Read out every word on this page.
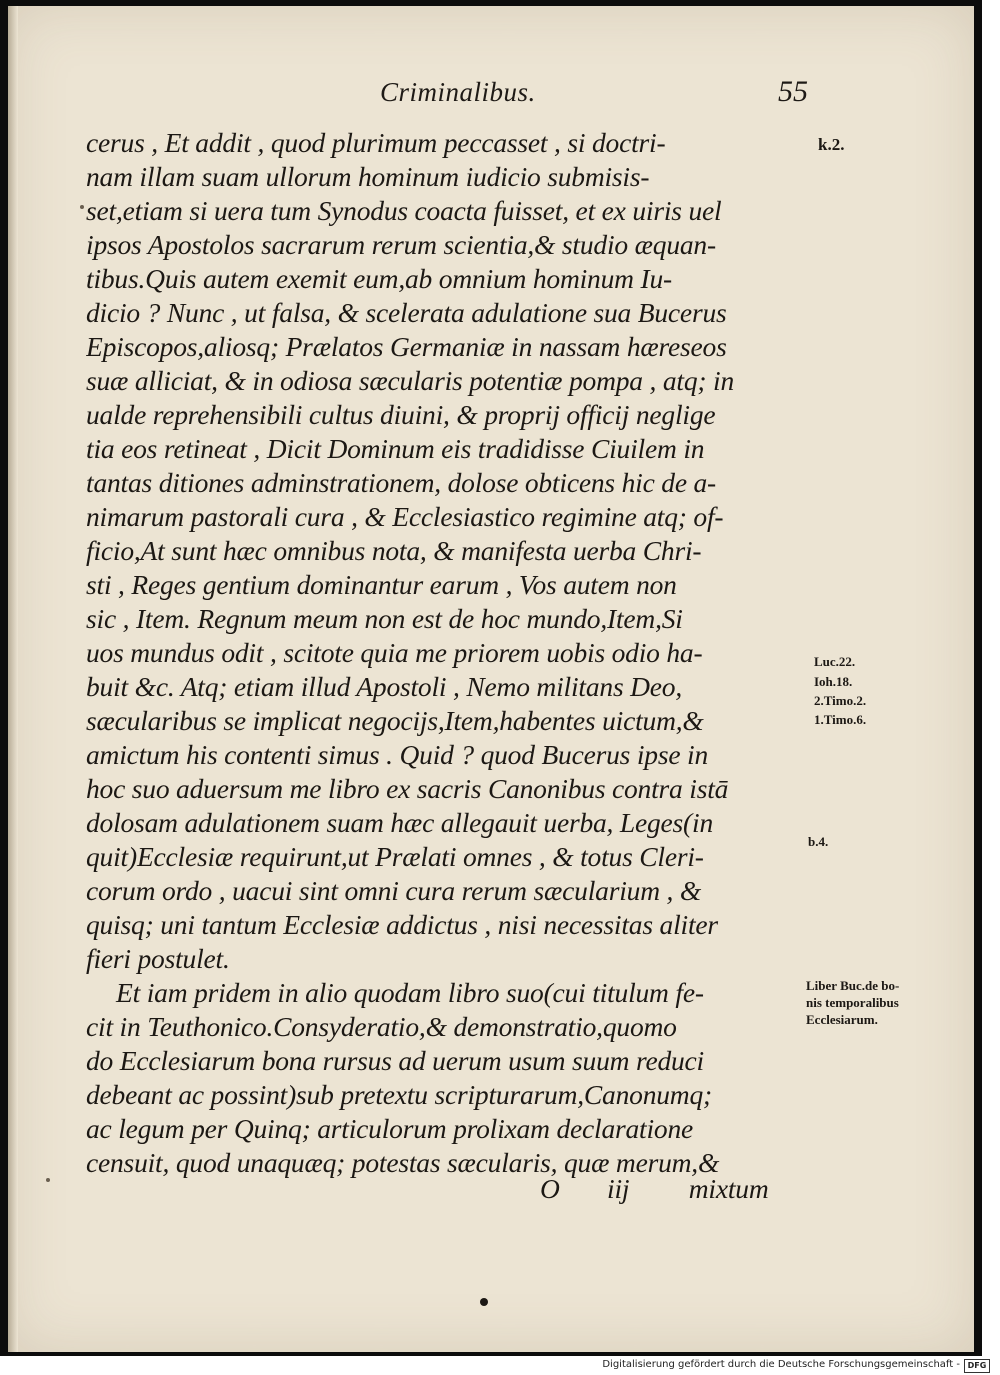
Criminalibus.	55
cerus , Et addit , quod plurimum peccasset , si doctri-
nam illam suam ullorum hominum iudicio submisis-
set,etiam si uera tum Synodus coacta fuisset, et ex uiris uel
ipsos Apostolos sacrarum rerum scientia,& studio æquan-
tibus.Quis autem exemit eum,ab omnium hominum Iu-
dicio ? Nunc , ut falsa, & scelerata adulatione sua Bucerus
Episcopos,aliosq; Prælatos Germaniæ in nassam hæreseos
suæ alliciat, & in odiosa sæcularis potentiæ pompa , atq; in
ualde reprehensibili cultus diuini, & proprij officij neglige
tia eos retineat , Dicit Dominum eis tradidisse Ciuilem in
tantas ditiones adminstrationem, dolose obticens hic de a-
nimarum pastorali cura , & Ecclesiastico regimine atq; of-
ficio,At sunt hæc omnibus nota, & manifesta uerba Chri-
sti , Reges gentium dominantur earum , Vos autem non
sic , Item. Regnum meum non est de hoc mundo,Item,Si
uos mundus odit , scitote quia me priorem uobis odio ha-
buit &c. Atq; etiam illud Apostoli , Nemo militans Deo,
sæcularibus se implicat negocijs,Item,habentes uictum,&
amictum his contenti simus . Quid ? quod Bucerus ipse in
hoc suo aduersum me libro ex sacris Canonibus contra istā
dolosam adulationem suam hæc allegauit uerba, Leges(in
quit)Ecclesiæ requirunt,ut Prælati omnes , & totus Cleri-
corum ordo , uacui sint omni cura rerum sæcularium , &
quisq; uni tantum Ecclesiæ addictus , nisi necessitas aliter
fieri postulet.
Et iam pridem in alio quodam libro suo(cui titulum fe-
cit in Teuthonico.Consyderatio,& demonstratio,quomo
do Ecclesiarum bona rursus ad uerum usum suum reduci
debeant ac possint)sub pretextu scripturarum,Canonumq;
ac legum per Quinq; articulorum prolixam declaratione
censuit, quod unaquæq; potestas sæcularis, quæ merum,&
k.2.
Luc.22.
Ioh.18.
2.Timo.2.
1.Timo.6.
b.4.
Liber Buc.de bo-
nis temporalibus
Ecclesiarum.
O iij mixtum
Digitalisierung gefördert durch die Deutsche Forschungsgemeinschaft - DFG
